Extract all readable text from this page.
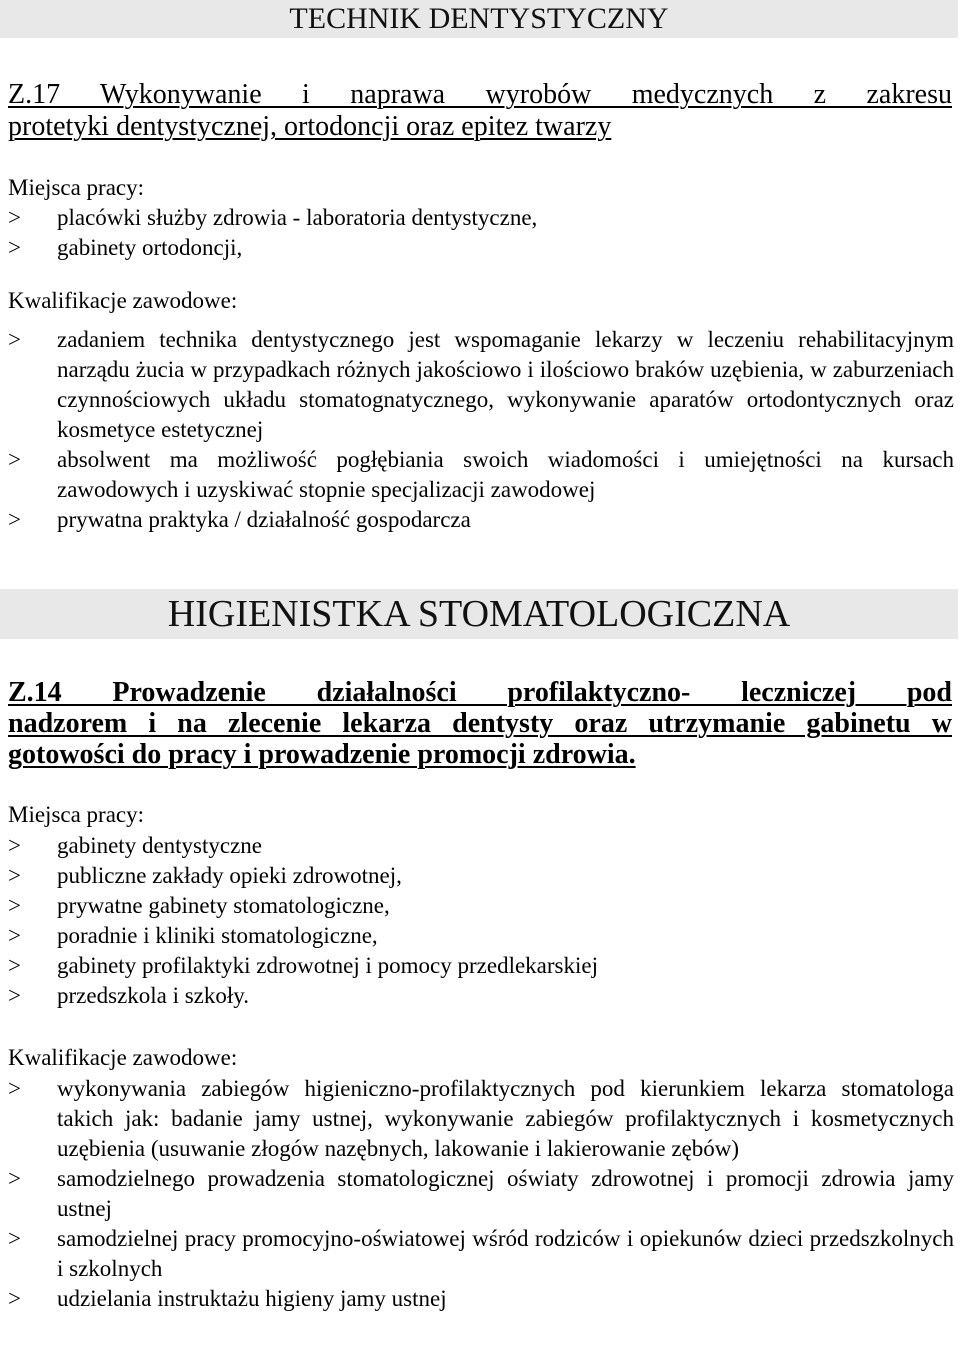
TECHNIK DENTYSTYCZNY
Z.17 Wykonywanie i naprawa wyrobów medycznych z zakresu
protetyki dentystycznej, ortodoncji oraz epitez twarzy
Miejsca pracy:
> placówki służby zdrowia - laboratoria dentystyczne,
> gabinety ortodoncji,
Kwalifikacje zawodowe:
> zadaniem technika dentystycznego jest wspomaganie lekarzy w leczeniu rehabilitacyjnym narządu żucia w przypadkach różnych jakościowo i ilościowo braków uzębienia, w zaburzeniach czynnościowych układu stomatognatycznego, wykonywanie aparatów ortodontycznych oraz kosmetyce estetycznej
> absolwent ma możliwość pogłębiania swoich wiadomości i umiejętności na kursach zawodowych i uzyskiwać stopnie specjalizacji zawodowej
> prywatna praktyka / działalność gospodarcza
HIGIENISTKA STOMATOLOGICZNA
Z.14 Prowadzenie działalności profilaktyczno- leczniczej pod
nadzorem i na zlecenie lekarza dentysty oraz utrzymanie gabinetu w
gotowości do pracy i prowadzenie promocji zdrowia.
Miejsca pracy:
> gabinety dentystyczne
> publiczne zakłady opieki zdrowotnej,
> prywatne gabinety stomatologiczne,
> poradnie i kliniki stomatologiczne,
> gabinety profilaktyki zdrowotnej i pomocy przedlekarskiej
> przedszkola i szkoły.
Kwalifikacje zawodowe:
> wykonywania zabiegów higieniczno-profilaktycznych pod kierunkiem lekarza stomatologa takich jak: badanie jamy ustnej, wykonywanie zabiegów profilaktycznych i kosmetycznych uzębienia (usuwanie złogów nazębnych, lakowanie i lakierowanie zębów)
> samodzielnego prowadzenia stomatologicznej oświaty zdrowotnej i promocji zdrowia jamy ustnej
> samodzielnej pracy promocyjno-oświatowej wśród rodziców i opiekunów dzieci przedszkolnych i szkolnych
> udzielania instruktażu higieny jamy ustnej
